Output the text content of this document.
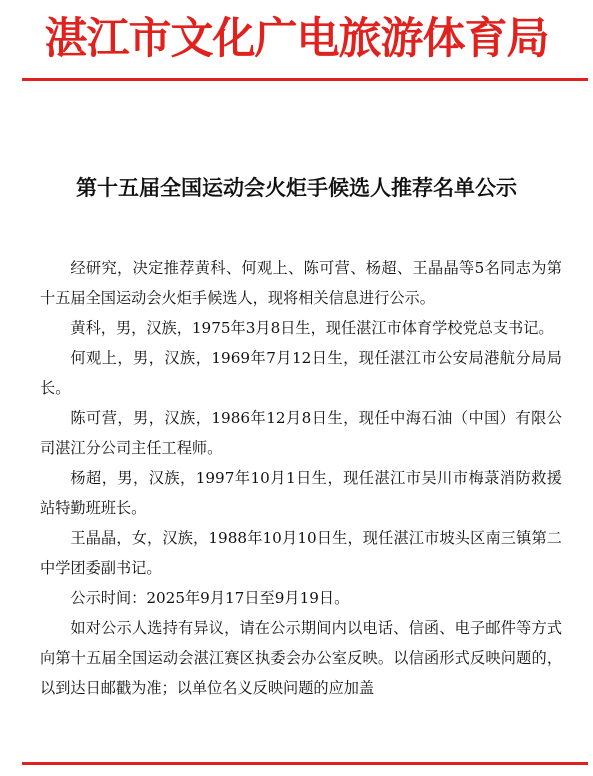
湛江市文化广电旅游体育局
第十五届全国运动会火炬手候选人推荐名单公示

经研究，决定推荐黄科、何观上、陈可营、杨超、王晶晶等5名同志为第十五届全国运动会火炬手候选人，现将相关信息进行公示。

黄科，男，汉族，1975年3月8日生，现任湛江市体育学校党总支书记。

何观上，男，汉族，1969年7月12日生，现任湛江市公安局港航分局局长。

陈可营，男，汉族，1986年12月8日生，现任中海石油（中国）有限公司湛江分公司主任工程师。

杨超，男，汉族，1997年10月1日生，现任湛江市吴川市梅菉消防救援站特勤班班长。

王晶晶，女，汉族，1988年10月10日生，现任湛江市坡头区南三镇第二中学团委副书记。

公示时间：2025年9月17日至9月19日。

如对公示人选持有异议，请在公示期间内以电话、信函、电子邮件等方式向第十五届全国运动会湛江赛区执委会办公室反映。以信函形式反映问题的，以到达日邮戳为准；以单位名义反映问题的应加盖
